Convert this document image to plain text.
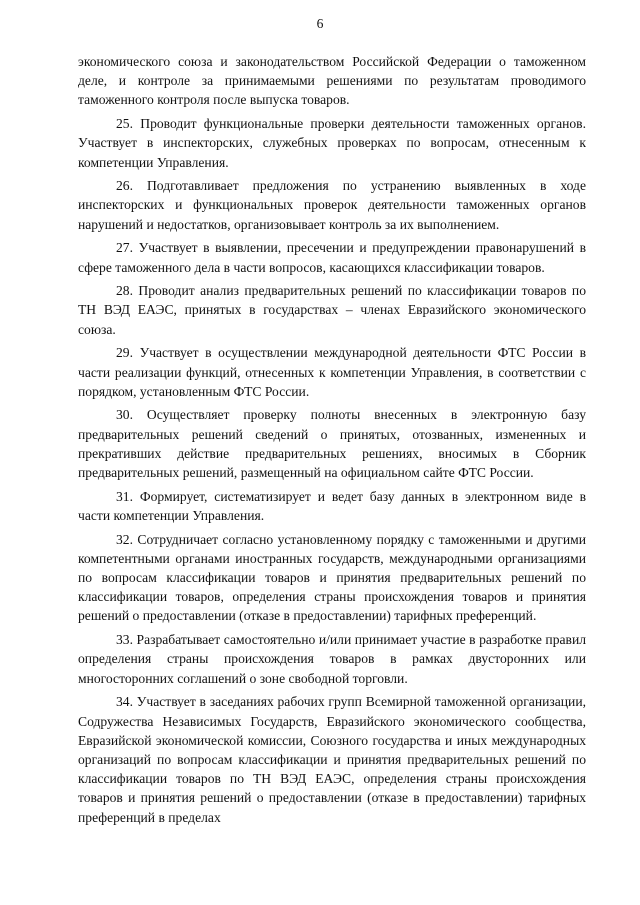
6

экономического союза и законодательством Российской Федерации о таможенном деле, и контроле за принимаемыми решениями по результатам проводимого таможенного контроля после выпуска товаров.

25. Проводит функциональные проверки деятельности таможенных органов. Участвует в инспекторских, служебных проверках по вопросам, отнесенным к компетенции Управления.

26. Подготавливает предложения по устранению выявленных в ходе инспекторских и функциональных проверок деятельности таможенных органов нарушений и недостатков, организовывает контроль за их выполнением.

27. Участвует в выявлении, пресечении и предупреждении правонарушений в сфере таможенного дела в части вопросов, касающихся классификации товаров.

28. Проводит анализ предварительных решений по классификации товаров по ТН ВЭД ЕАЭС, принятых в государствах – членах Евразийского экономического союза.

29. Участвует в осуществлении международной деятельности ФТС России в части реализации функций, отнесенных к компетенции Управления, в соответствии с порядком, установленным ФТС России.

30. Осуществляет проверку полноты внесенных в электронную базу предварительных решений сведений о принятых, отозванных, измененных и прекративших действие предварительных решениях, вносимых в Сборник предварительных решений, размещенный на официальном сайте ФТС России.

31. Формирует, систематизирует и ведет базу данных в электронном виде в части компетенции Управления.

32. Сотрудничает согласно установленному порядку с таможенными и другими компетентными органами иностранных государств, международными организациями по вопросам классификации товаров и принятия предварительных решений по классификации товаров, определения страны происхождения товаров и принятия решений о предоставлении (отказе в предоставлении) тарифных преференций.

33. Разрабатывает самостоятельно и/или принимает участие в разработке правил определения страны происхождения товаров в рамках двусторонних или многосторонних соглашений о зоне свободной торговли.

34. Участвует в заседаниях рабочих групп Всемирной таможенной организации, Содружества Независимых Государств, Евразийского экономического сообщества, Евразийской экономической комиссии, Союзного государства и иных международных организаций по вопросам классификации и принятия предварительных решений по классификации товаров по ТН ВЭД ЕАЭС, определения страны происхождения товаров и принятия решений о предоставлении (отказе в предоставлении) тарифных преференций в пределах
